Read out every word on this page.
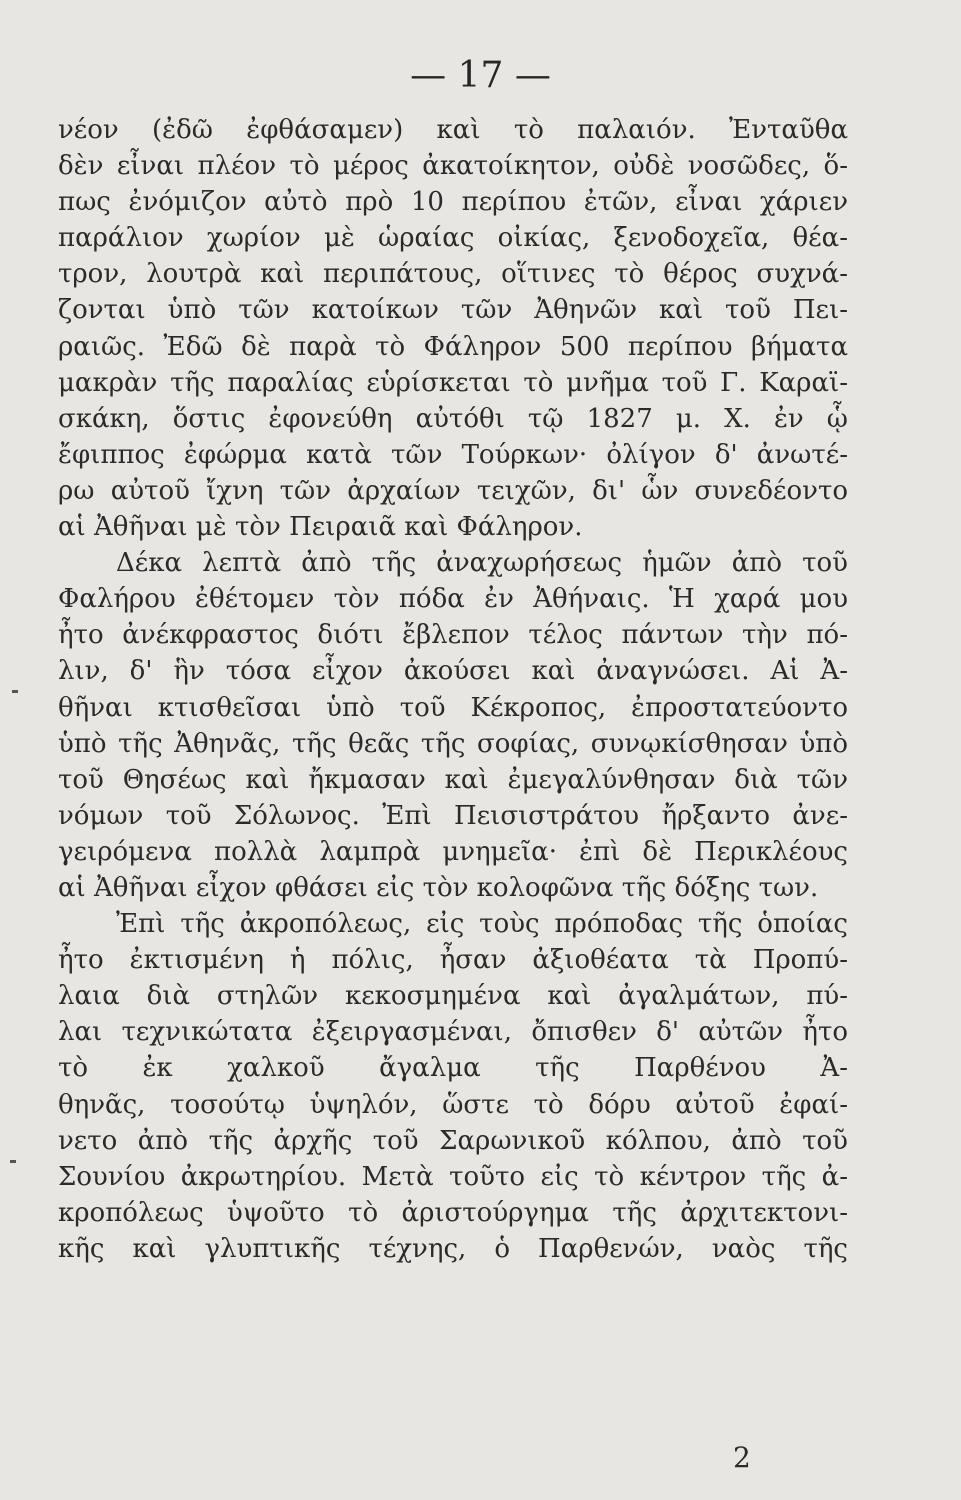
— 17 —
νέον (ἐδῶ ἐφθάσαμεν) καὶ τὸ παλαιόν. Ἐνταῦθα
δὲν εἶναι πλέον τὸ μέρος ἀκατοίκητον, οὐδὲ νοσῶδες, ὅ-
πως ἐνόμιζον αὐτὸ πρὸ 10 περίπου ἐτῶν, εἶναι χάριεν
παράλιον χωρίον μὲ ὡραίας οἰκίας, ξενοδοχεῖα, θέα-
τρον, λουτρὰ καὶ περιπάτους, οἵτινες τὸ θέρος συχνά-
ζονται ὑπὸ τῶν κατοίκων τῶν Ἀθηνῶν καὶ τοῦ Πει-
ραιῶς. Ἐδῶ δὲ παρὰ τὸ Φάληρον 500 περίπου βήματα
μακρὰν τῆς παραλίας εὑρίσκεται τὸ μνῆμα τοῦ Γ. Καραϊ-
σκάκη, ὅστις ἐφονεύθη αὐτόθι τῷ 1827 μ. Χ. ἐν ᾧ
ἔφιππος ἐφώρμα κατὰ τῶν Τούρκων· ὀλίγον δ' ἀνωτέ-
ρω αὐτοῦ ἴχνη τῶν ἀρχαίων τειχῶν, δι' ὧν συνεδέοντο
αἱ Ἀθῆναι μὲ τὸν Πειραιᾶ καὶ Φάληρον.
Δέκα λεπτὰ ἀπὸ τῆς ἀναχωρήσεως ἡμῶν ἀπὸ τοῦ
Φαλήρου ἐθέτομεν τὸν πόδα ἐν Ἀθήναις. Ἡ χαρά μου
ἦτο ἀνέκφραστος διότι ἔβλεπον τέλος πάντων τὴν πό-
λιν, δ' ἣν τόσα εἶχον ἀκούσει καὶ ἀναγνώσει. Αἱ Ἀ-
θῆναι κτισθεῖσαι ὑπὸ τοῦ Κέκροπος, ἐπροστατεύοντο
ὑπὸ τῆς Ἀθηνᾶς, τῆς θεᾶς τῆς σοφίας, συνῳκίσθησαν ὑπὸ
τοῦ Θησέως καὶ ἤκμασαν καὶ ἐμεγαλύνθησαν διὰ τῶν
νόμων τοῦ Σόλωνος. Ἐπὶ Πεισιστράτου ἤρξαντο ἀνε-
γειρόμενα πολλὰ λαμπρὰ μνημεῖα· ἐπὶ δὲ Περικλέους
αἱ Ἀθῆναι εἶχον φθάσει εἰς τὸν κολοφῶνα τῆς δόξης των.
Ἐπὶ τῆς ἀκροπόλεως, εἰς τοὺς πρόποδας τῆς ὁποίας
ἦτο ἐκτισμένη ἡ πόλις, ἦσαν ἀξιοθέατα τὰ Προπύ-
λαια διὰ στηλῶν κεκοσμημένα καὶ ἀγαλμάτων, πύ-
λαι τεχνικώτατα ἐξειργασμέναι, ὄπισθεν δ' αὐτῶν ἦτο
τὸ ἐκ χαλκοῦ ἄγαλμα τῆς Παρθένου Ἀ-
θηνᾶς, τοσούτῳ ὑψηλόν, ὥστε τὸ δόρυ αὐτοῦ ἐφαί-
νετο ἀπὸ τῆς ἀρχῆς τοῦ Σαρωνικοῦ κόλπου, ἀπὸ τοῦ
Σουνίου ἀκρωτηρίου. Μετὰ τοῦτο εἰς τὸ κέντρον τῆς ἀ-
κροπόλεως ὑψοῦτο τὸ ἀριστούργημα τῆς ἀρχιτεκτονι-
κῆς καὶ γλυπτικῆς τέχνης, ὁ Παρθενών, ναὸς τῆς
2
